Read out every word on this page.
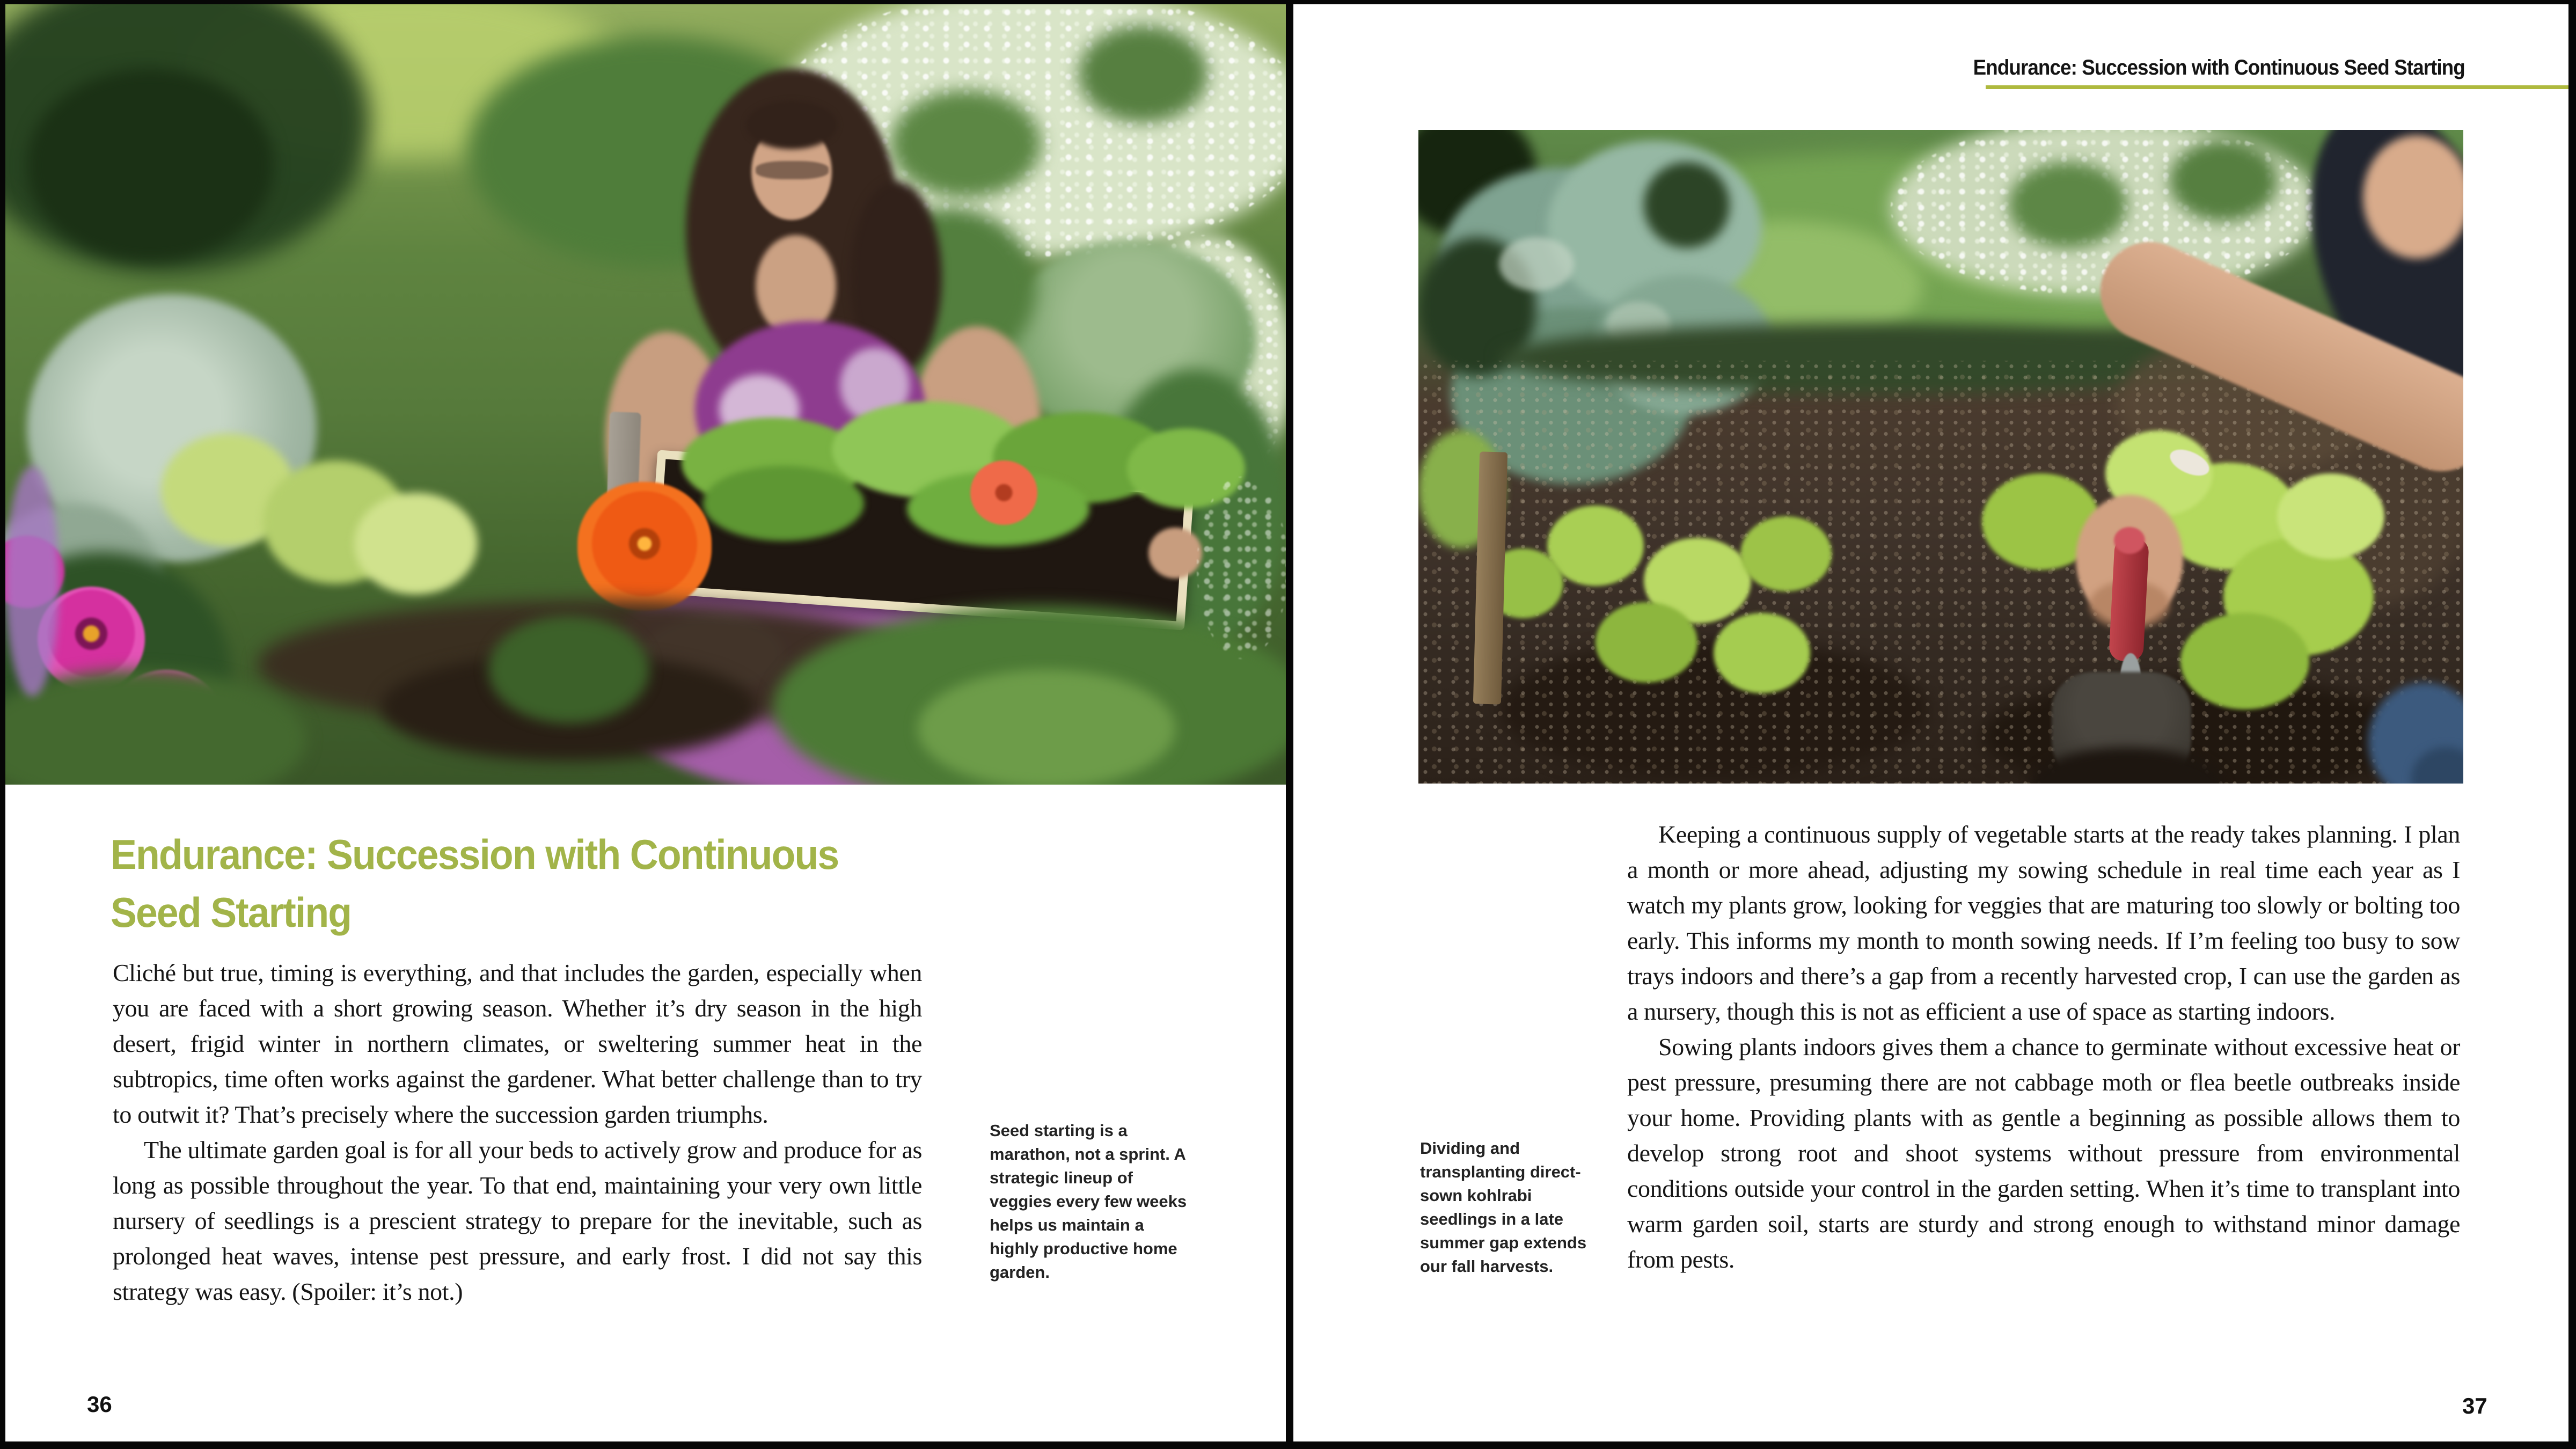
Endurance: Succession with Continuous Seed Starting

Cliché but true, timing is everything, and that includes the garden, especially when you are faced with a short growing season. Whether it’s dry season in the high desert, frigid winter in northern climates, or sweltering summer heat in the subtropics, time often works against the gardener. What better challenge than to try to outwit it? That’s precisely where the succession garden triumphs.

The ultimate garden goal is for all your beds to actively grow and produce for as long as possible throughout the year. To that end, maintaining your very own little nursery of seedlings is a prescient strategy to prepare for the inevitable, such as prolonged heat waves, intense pest pressure, and early frost. I did not say this strategy was easy. (Spoiler: it’s not.)

Seed starting is a marathon, not a sprint. A strategic lineup of veggies every few weeks helps us maintain a highly productive home garden.
36
Endurance: Succession with Continuous Seed Starting

Keeping a continuous supply of vegetable starts at the ready takes planning. I plan a month or more ahead, adjusting my sowing schedule in real time each year as I watch my plants grow, looking for veggies that are maturing too slowly or bolting too early. This informs my month to month sowing needs. If I’m feeling too busy to sow trays indoors and there’s a gap from a recently harvested crop, I can use the garden as a nursery, though this is not as efficient a use of space as starting indoors.

Sowing plants indoors gives them a chance to germinate without excessive heat or pest pressure, presuming there are not cabbage moth or flea beetle outbreaks inside your home. Providing plants with as gentle a beginning as possible allows them to develop strong root and shoot systems without pressure from environmental conditions outside your control in the garden setting. When it’s time to transplant into warm garden soil, starts are sturdy and strong enough to withstand minor damage from pests.

Dividing and transplanting direct-sown kohlrabi seedlings in a late summer gap extends our fall harvests.
37
